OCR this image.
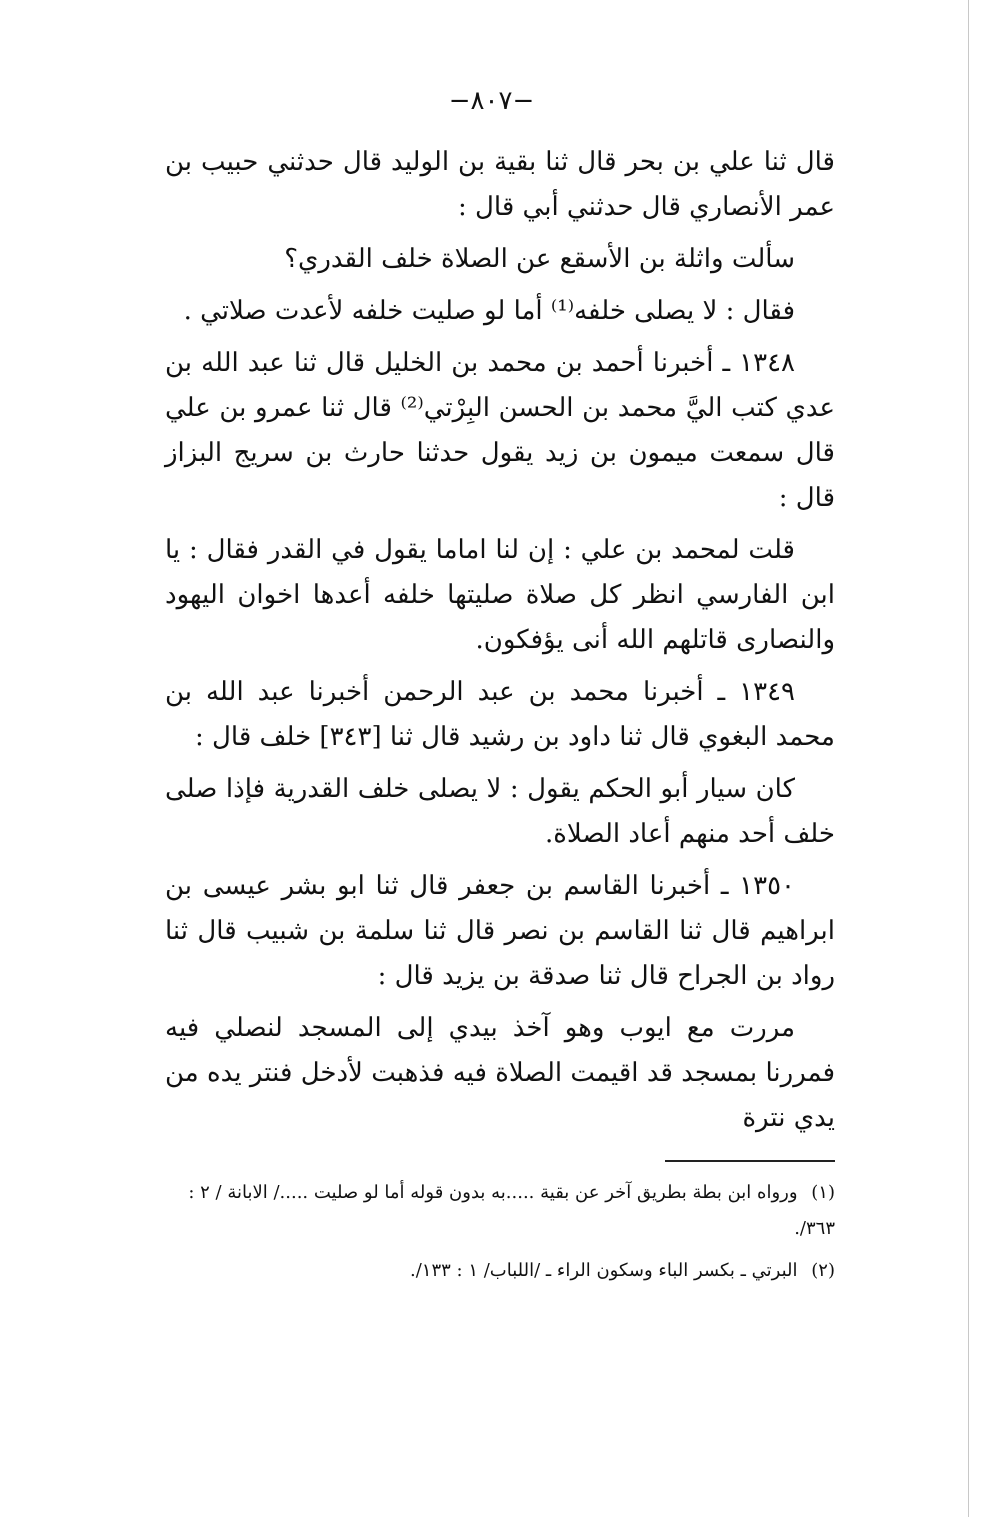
−٨٠٧−

قال ثنا علي بن بحر قال ثنا بقية بن الوليد قال حدثني حبيب بن عمر الأنصاري قال حدثني أبي قال :

سألت واثلة بن الأسقع عن الصلاة خلف القدري؟

فقال : لا يصلى خلفه⁽¹⁾ أما لو صليت خلفه لأعدت صلاتي .

١٣٤٨ ـ أخبرنا أحمد بن محمد بن الخليل قال ثنا عبد الله بن عدي كتب اليَّ محمد بن الحسن البِرْتي⁽²⁾ قال ثنا عمرو بن علي قال سمعت ميمون بن زيد يقول حدثنا حارث بن سريج البزاز قال :

قلت لمحمد بن علي : إن لنا اماما يقول في القدر فقال : يا ابن الفارسي انظر كل صلاة صليتها خلفه أعدها اخوان اليهود والنصارى قاتلهم الله أنى يؤفكون.

١٣٤٩ ـ أخبرنا محمد بن عبد الرحمن أخبرنا عبد الله بن محمد البغوي قال ثنا داود بن رشيد قال ثنا [٣٤٣] خلف قال :

كان سيار أبو الحكم يقول : لا يصلى خلف القدرية فإذا صلى خلف أحد منهم أعاد الصلاة.

١٣٥٠ ـ أخبرنا القاسم بن جعفر قال ثنا ابو بشر عيسى بن ابراهيم قال ثنا القاسم بن نصر قال ثنا سلمة بن شبيب قال ثنا رواد بن الجراح قال ثنا صدقة بن يزيد قال :

مررت مع ايوب وهو آخذ بيدي إلى المسجد لنصلي فيه فمررنا بمسجد قد اقيمت الصلاة فيه فذهبت لأدخل فنتر يده من يدي نترة

(١) ورواه ابن بطة بطريق آخر عن بقية .....به بدون قوله أما لو صليت ...../ الابانة / ٢ : ٣٦٣/.

(٢) البرتي ـ بكسر الباء وسكون الراء ـ /اللباب/ ١ : ١٣٣/.
